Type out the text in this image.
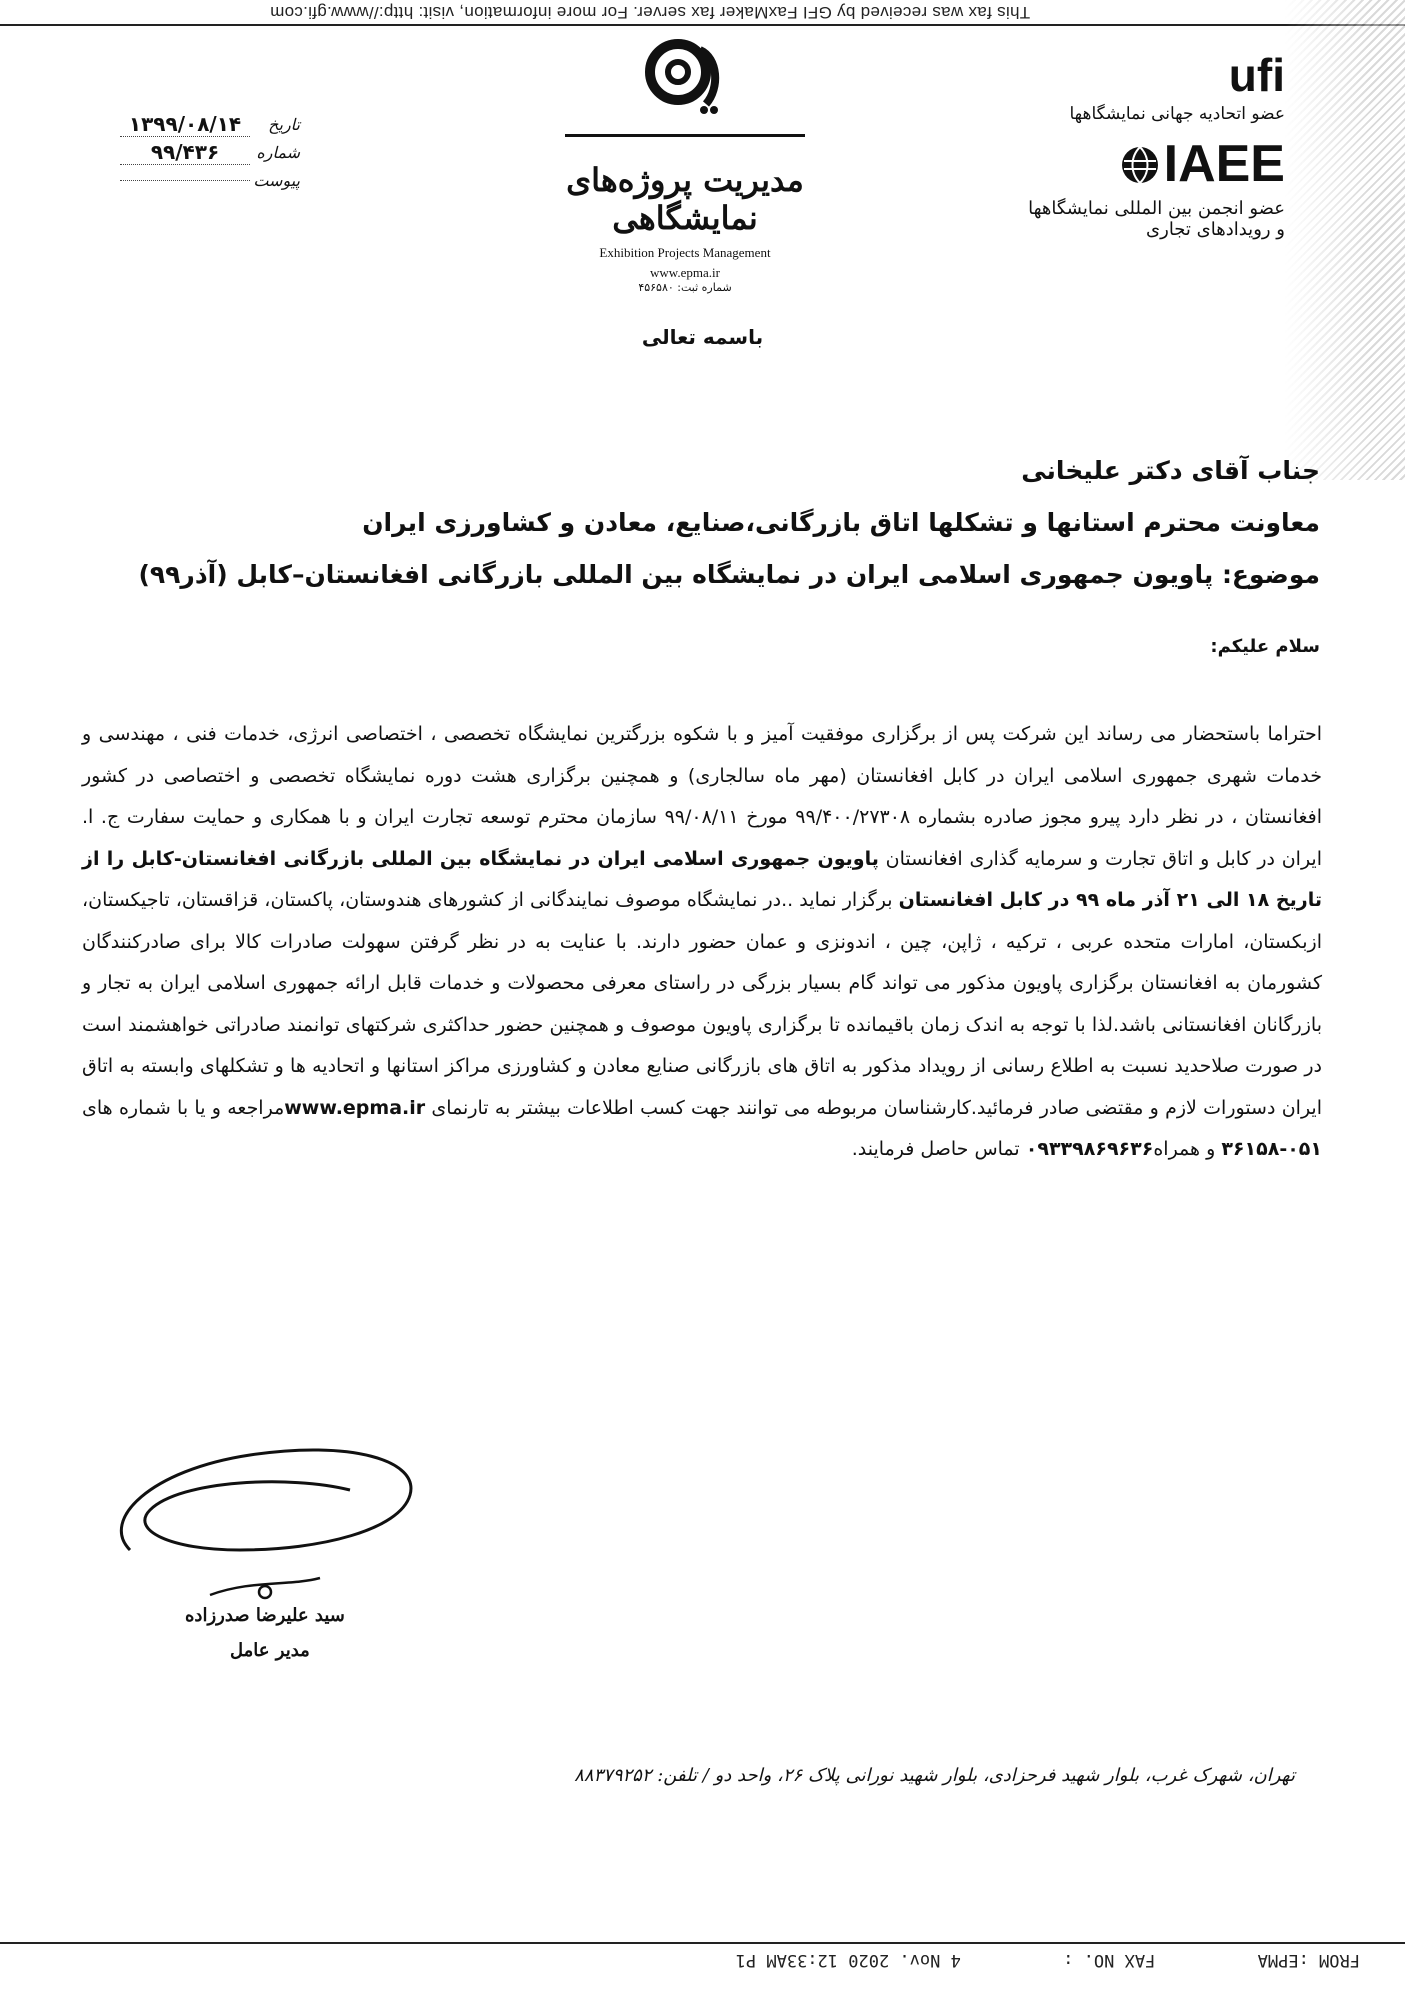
This fax was received by GFI FaxMaker fax server. For more information, visit: http://www.gfi.com
ufi
عضو اتحادیه جهانی نمایشگاهها
IAEE
عضو انجمن بین المللی نمایشگاهها و رویدادهای تجاری
مدیریت پروژه‌های نمایشگاهی
Exhibition Projects Management
www.epma.ir
شماره ثبت: ۴۵۶۵۸۰
تاریخ
۱۳۹۹/۰۸/۱۴
شماره
۹۹/۴۳۶
پیوست
باسمه تعالی
جناب آقای دکتر علیخانی
معاونت محترم استانها و تشکلها اتاق بازرگانی،صنایع، معادن و کشاورزی ایران
موضوع: پاویون جمهوری اسلامی ایران در نمایشگاه بین المللی بازرگانی افغانستان–کابل (آذر۹۹)
سلام علیکم:
احتراما باستحضار می رساند این شرکت پس از برگزاری موفقیت آمیز و با شکوه بزرگترین نمایشگاه تخصصی ، اختصاصی انرژی، خدمات فنی ، مهندسی و خدمات شهری جمهوری اسلامی ایران در کابل افغانستان (مهر ماه سالجاری) و همچنین برگزاری هشت دوره نمایشگاه تخصصی و اختصاصی در کشور افغانستان ، در نظر دارد پیرو مجوز صادره بشماره ۹۹/۴۰۰/۲۷۳۰۸ مورخ ۹۹/۰۸/۱۱ سازمان محترم توسعه تجارت ایران و با همکاری و حمایت سفارت ج. ا. ایران در کابل و اتاق تجارت و سرمایه گذاری افغانستان پاویون جمهوری اسلامی ایران در نمایشگاه بین المللی بازرگانی افغانستان-کابل را از تاریخ ۱۸ الی ۲۱ آذر ماه ۹۹ در کابل افغانستان برگزار نماید ..در نمایشگاه موصوف نمایندگانی از کشورهای هندوستان، پاکستان، قزاقستان، تاجیکستان، ازبکستان، امارات متحده عربی ، ترکیه ، ژاپن، چین ، اندونزی و عمان حضور دارند. با عنایت به در نظر گرفتن سهولت صادرات کالا برای صادرکنندگان کشورمان به افغانستان برگزاری پاویون مذکور می تواند گام بسیار بزرگی در راستای معرفی محصولات و خدمات قابل ارائه جمهوری اسلامی ایران به تجار و بازرگانان افغانستانی باشد.لذا با توجه به اندک زمان باقیمانده تا برگزاری پاویون موصوف و همچنین حضور حداکثری شرکتهای توانمند صادراتی خواهشمند است در صورت صلاحدید نسبت به اطلاع رسانی از رویداد مذکور به اتاق های بازرگانی صنایع معادن و کشاورزی مراکز استانها و اتحادیه ها و تشکلهای وابسته به اتاق ایران دستورات لازم و مقتضی صادر فرمائید.کارشناسان مربوطه می توانند جهت کسب اطلاعات بیشتر به تارنمای www.epma.irمراجعه و یا با شماره های ۰۵۱-۳۶۱۵۸ و همراه۰۹۳۳۹۸۶۹۶۳۶ تماس حاصل فرمایند.
سید علیرضا صدرزاده
مدیر عامل
تهران، شهرک غرب، بلوار شهید فرحزادی، بلوار شهید نورانی پلاک ۲۶، واحد دو / تلفن: ۸۸۳۷۹۲۵۲
FROM :EPMA          FAX NO. :          4 Nov. 2020 12:33AM P1
